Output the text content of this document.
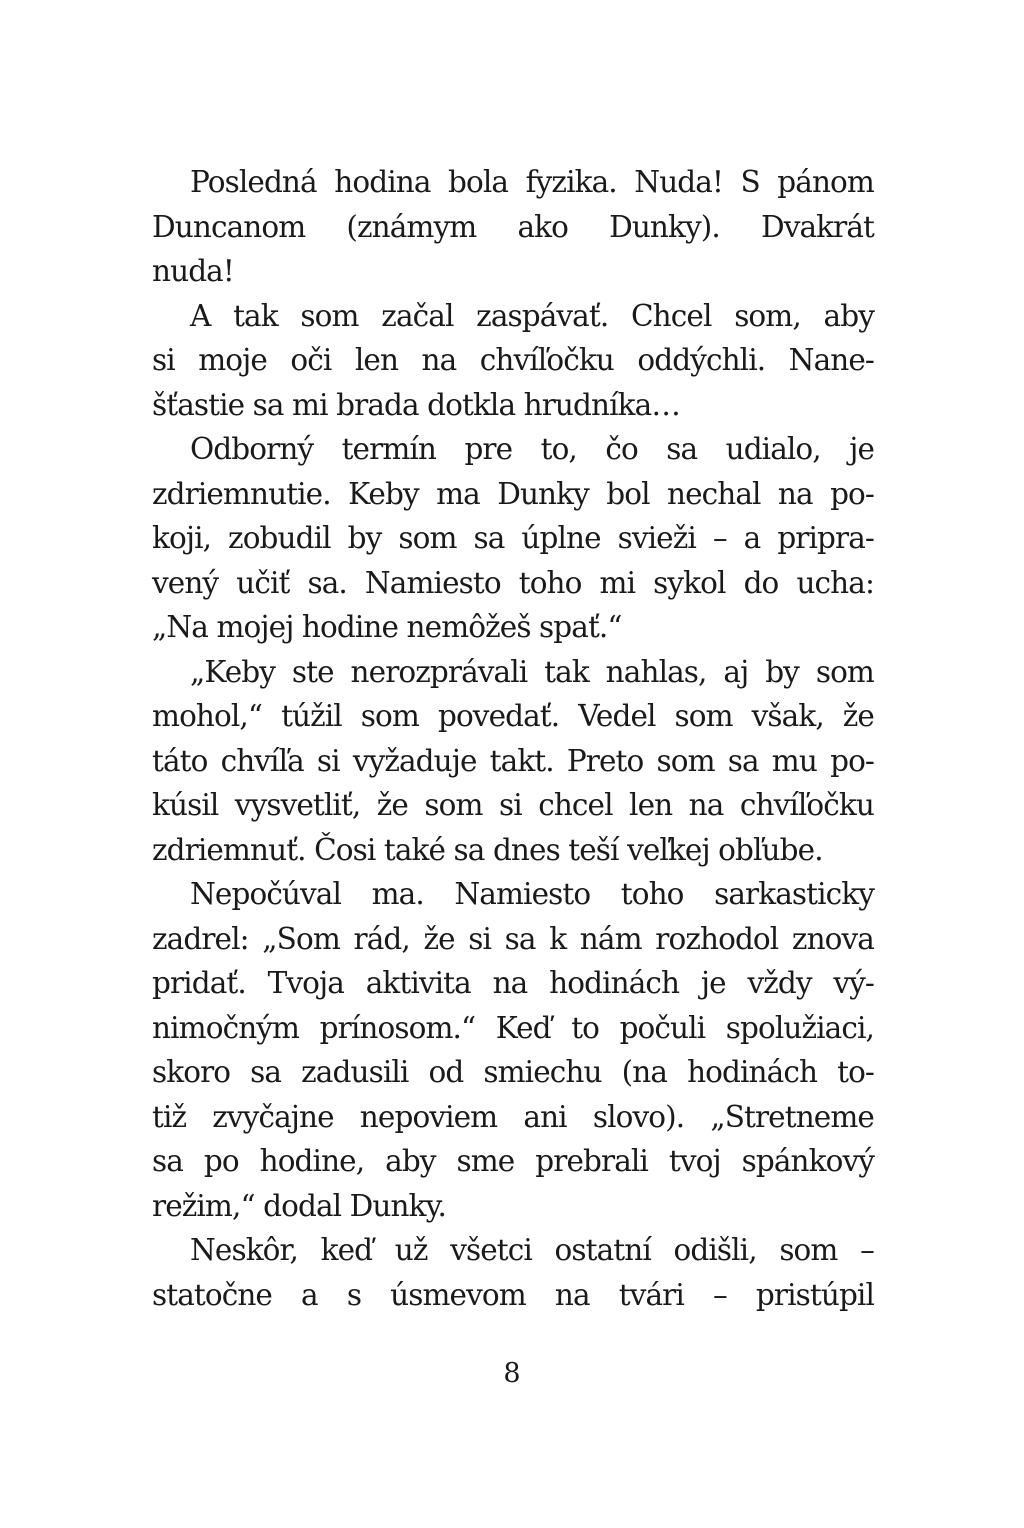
Posledná hodina bola fyzika. Nuda! S pánom
Duncanom (známym ako Dunky). Dvakrát
nuda!
A tak som začal zaspávať. Chcel som, aby
si moje oči len na chvíľočku oddýchli. Nane-
šťastie sa mi brada dotkla hrudníka…
Odborný termín pre to, čo sa udialo, je
zdriemnutie. Keby ma Dunky bol nechal na po-
koji, zobudil by som sa úplne svieži – a pripra-
vený učiť sa. Namiesto toho mi sykol do ucha:
„Na mojej hodine nemôžeš spať.“
„Keby ste nerozprávali tak nahlas, aj by som
mohol,“ túžil som povedať. Vedel som však, že
táto chvíľa si vyžaduje takt. Preto som sa mu po-
kúsil vysvetliť, že som si chcel len na chvíľočku
zdriemnuť. Čosi také sa dnes teší veľkej obľube.
Nepočúval ma. Namiesto toho sarkasticky
zadrel: „Som rád, že si sa k nám rozhodol znova
pridať. Tvoja aktivita na hodinách je vždy vý-
nimočným prínosom.“ Keď to počuli spolužiaci,
skoro sa zadusili od smiechu (na hodinách to-
tiž zvyčajne nepoviem ani slovo). „Stretneme
sa po hodine, aby sme prebrali tvoj spánkový
režim,“ dodal Dunky.
Neskôr, keď už všetci ostatní odišli, som –
statočne a s úsmevom na tvári – pristúpil
8
